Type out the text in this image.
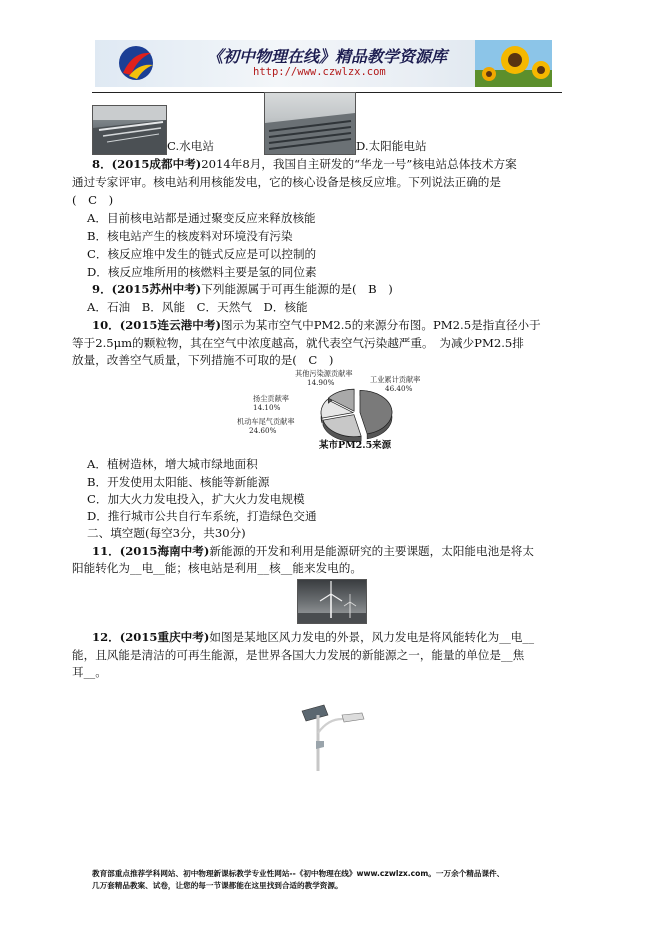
《初中物理在线》精品教学资源库
http://www.czwlzx.com
C.水电站	D.太阳能电站
8．(2015成都中考)2014年8月，我国自主研发的“华龙一号”核电站总体技术方案
通过专家评审。核电站利用核能发电，它的核心设备是核反应堆。下列说法正确的是
(　C　)
A．目前核电站都是通过聚变反应来释放核能
B．核电站产生的核废料对环境没有污染
C．核反应堆中发生的链式反应是可以控制的
D．核反应堆所用的核燃料主要是氢的同位素
9．(2015苏州中考)下列能源属于可再生能源的是(　B　)
A．石油　B．风能　C．天然气　D．核能
10．(2015连云港中考)图示为某市空气中PM2.5的来源分布图。PM2.5是指直径小于
等于2.5μm的颗粒物，其在空气中浓度越高，就代表空气污染越严重。　为减少PM2.5排
放量，改善空气质量，下列措施不可取的是(　C　)
其他污染源贡献率
14.90%	工业累计贡献率
46.40%
扬尘贡献率
14.10%
机动车尾气贡献率
24.60%
某市PM2.5来源
A．植树造林，增大城市绿地面积
B．开发使用太阳能、核能等新能源
C．加大火力发电投入，扩大火力发电规模
D．推行城市公共自行车系统，打造绿色交通
二、填空题(每空3分，共30分)
11．(2015海南中考)新能源的开发和利用是能源研究的主要课题，太阳能电池是将太
阳能转化为__电__能；核电站是利用__核__能来发电的。
12．(2015重庆中考)如图是某地区风力发电的外景，风力发电是将风能转化为__电__
能，且风能是清洁的可再生能源，是世界各国大力发展的新能源之一，能量的单位是__焦
耳__。
教育部重点推荐学科网站、初中物理新课标教学专业性网站--《初中物理在线》www.czwlzx.com。一万余个精品课件、
几万套精品教案、试卷，让您的每一节课都能在这里找到合适的教学资源。
